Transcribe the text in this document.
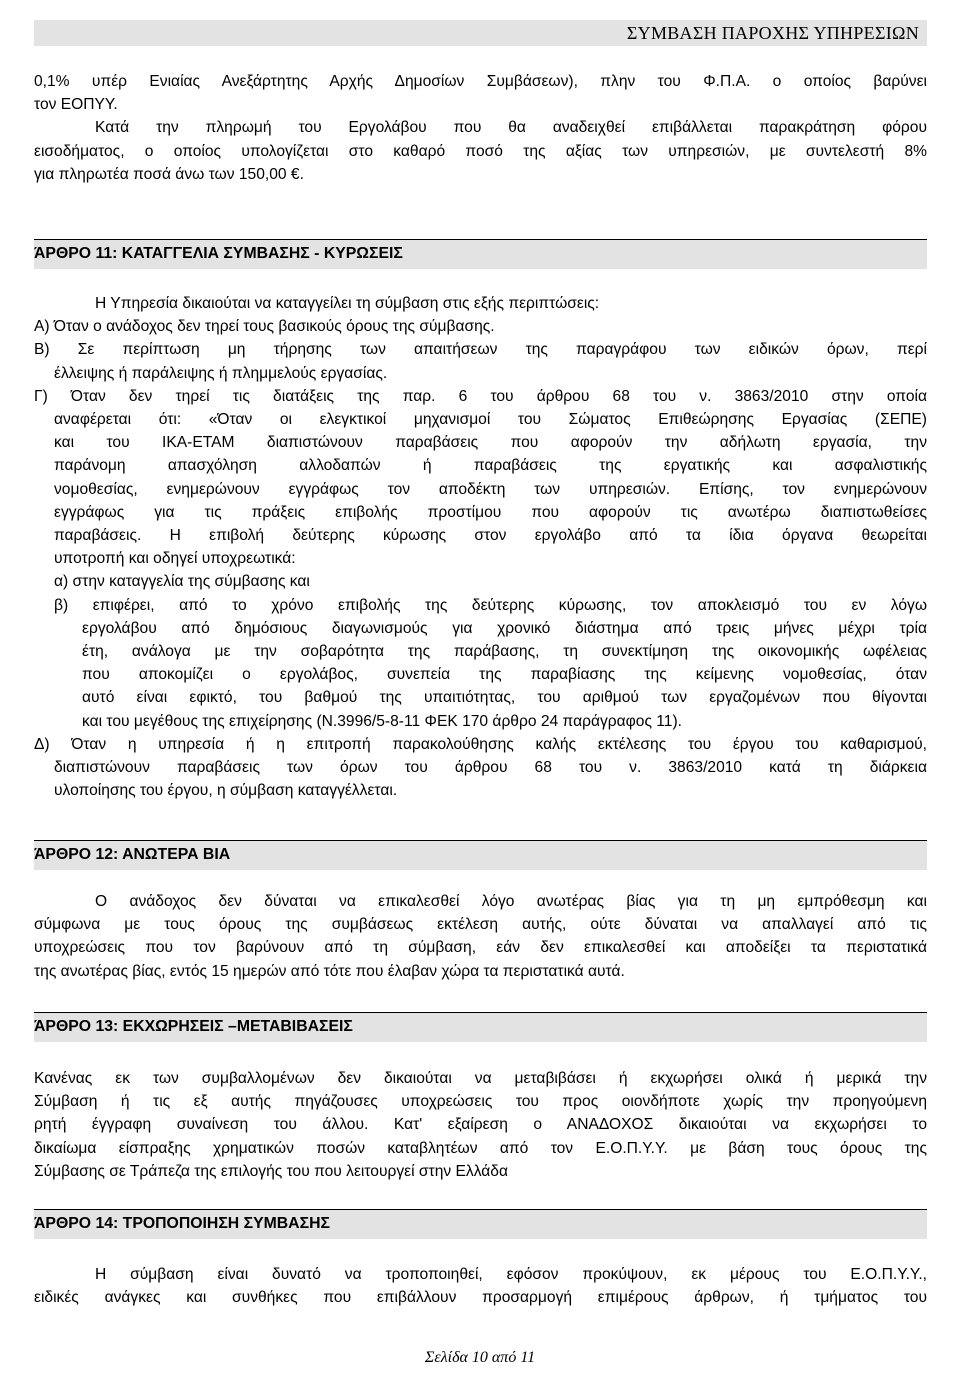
ΣΥΜΒΑΣΗ ΠΑΡΟΧΗΣ ΥΠΗΡΕΣΙΩΝ
0,1% υπέρ Ενιαίας Ανεξάρτητης Αρχής Δημοσίων Συμβάσεων), πλην του Φ.Π.Α. ο οποίος βαρύνει
τον ΕΟΠΥΥ.
Κατά την πληρωμή του Εργολάβου που θα αναδειχθεί επιβάλλεται παρακράτηση φόρου
εισοδήματος, ο οποίος υπολογίζεται στο καθαρό ποσό της αξίας των υπηρεσιών, με συντελεστή 8%
για πληρωτέα ποσά άνω των 150,00 €.
ΆΡΘΡΟ 11: ΚΑΤΑΓΓΕΛΙΑ ΣΥΜΒΑΣΗΣ - ΚΥΡΩΣΕΙΣ
Η Υπηρεσία δικαιούται να καταγγείλει τη σύμβαση στις εξής περιπτώσεις:
Α) Όταν ο ανάδοχος δεν τηρεί τους βασικούς όρους της σύμβασης.
Β) Σε περίπτωση μη τήρησης των απαιτήσεων της παραγράφου των ειδικών όρων, περί
έλλειψης ή παράλειψης ή πλημμελούς εργασίας.
Γ) Όταν δεν τηρεί τις διατάξεις της παρ. 6 του άρθρου 68 του ν. 3863/2010 στην οποία
αναφέρεται ότι: «Όταν οι ελεγκτικοί μηχανισμοί του Σώματος Επιθεώρησης Εργασίας (ΣΕΠΕ)
και του ΙΚΑ-ΕΤΑΜ διαπιστώνουν παραβάσεις που αφορούν την αδήλωτη εργασία, την
παράνομη απασχόληση αλλοδαπών ή παραβάσεις της εργατικής και ασφαλιστικής
νομοθεσίας, ενημερώνουν εγγράφως τον αποδέκτη των υπηρεσιών. Επίσης, τον ενημερώνουν
εγγράφως για τις πράξεις επιβολής προστίμου που αφορούν τις ανωτέρω διαπιστωθείσες
παραβάσεις. Η επιβολή δεύτερης κύρωσης στον εργολάβο από τα ίδια όργανα θεωρείται
υποτροπή και οδηγεί υποχρεωτικά:
α) στην καταγγελία της σύμβασης και
β) επιφέρει, από το χρόνο επιβολής της δεύτερης κύρωσης, τον αποκλεισμό του εν λόγω
εργολάβου από δημόσιους διαγωνισμούς για χρονικό διάστημα από τρεις μήνες μέχρι τρία
έτη, ανάλογα με την σοβαρότητα της παράβασης, τη συνεκτίμηση της οικονομικής ωφέλειας
που αποκομίζει ο εργολάβος, συνεπεία της παραβίασης της κείμενης νομοθεσίας, όταν
αυτό είναι εφικτό, του βαθμού της υπαιτιότητας, του αριθμού των εργαζομένων που θίγονται
και του μεγέθους της επιχείρησης (Ν.3996/5-8-11 ΦΕΚ 170 άρθρο 24 παράγραφος 11).
Δ) Όταν η υπηρεσία ή η επιτροπή παρακολούθησης καλής εκτέλεσης του έργου του καθαρισμού,
διαπιστώνουν παραβάσεις των όρων του άρθρου 68 του ν. 3863/2010 κατά τη διάρκεια
υλοποίησης του έργου, η σύμβαση καταγγέλλεται.
ΆΡΘΡΟ 12: ΑΝΩΤΕΡΑ ΒΙΑ
Ο ανάδοχος δεν δύναται να επικαλεσθεί λόγο ανωτέρας βίας για τη μη εμπρόθεσμη και
σύμφωνα με τους όρους της συμβάσεως εκτέλεση αυτής, ούτε δύναται να απαλλαγεί από τις
υποχρεώσεις που τον βαρύνουν από τη σύμβαση, εάν δεν επικαλεσθεί και αποδείξει τα περιστατικά
της ανωτέρας βίας, εντός 15 ημερών από τότε που έλαβαν χώρα τα περιστατικά αυτά.
ΆΡΘΡΟ 13: ΕΚΧΩΡΗΣΕΙΣ –ΜΕΤΑΒΙΒΑΣΕΙΣ
Κανένας εκ των συμβαλλομένων δεν δικαιούται να μεταβιβάσει ή εκχωρήσει ολικά ή μερικά την
Σύμβαση ή τις εξ αυτής πηγάζουσες υποχρεώσεις του προς οιονδήποτε χωρίς την προηγούμενη
ρητή έγγραφη συναίνεση του άλλου. Κατ' εξαίρεση ο ΑΝΑΔΟΧΟΣ δικαιούται να εκχωρήσει το
δικαίωμα είσπραξης χρηματικών ποσών καταβλητέων από τον Ε.Ο.Π.Υ.Υ. με βάση τους όρους της
Σύμβασης σε Τράπεζα της επιλογής του που λειτουργεί στην Ελλάδα
ΆΡΘΡΟ 14: ΤΡΟΠΟΠΟΙΗΣΗ ΣΥΜΒΑΣΗΣ
Η σύμβαση είναι δυνατό να τροποποιηθεί, εφόσον προκύψουν, εκ μέρους του Ε.Ο.Π.Υ.Υ.,
ειδικές ανάγκες και συνθήκες που επιβάλλουν προσαρμογή επιμέρους άρθρων, ή τμήματος του
Σελίδα 10 από 11
